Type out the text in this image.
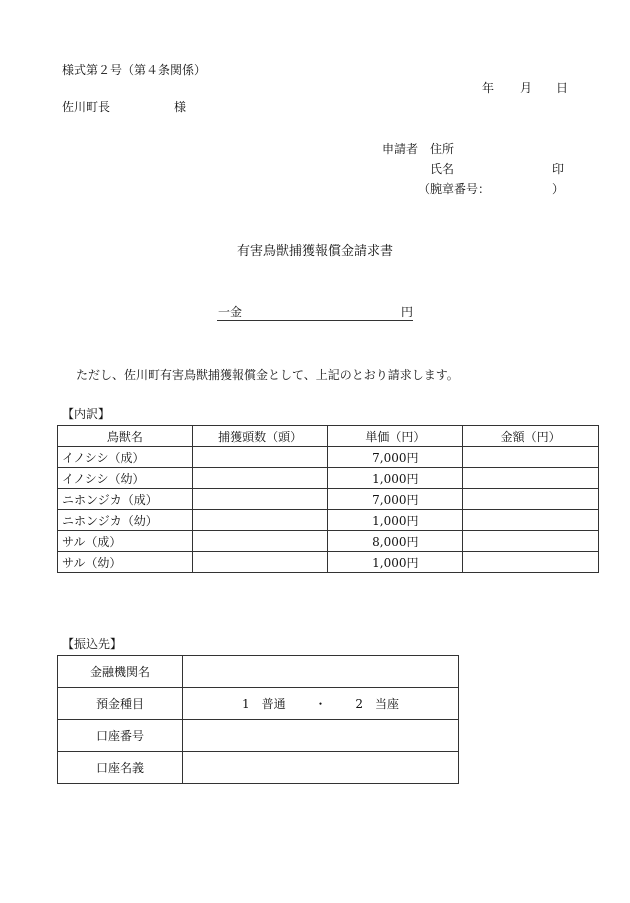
様式第２号（第４条関係）
年 月 日
佐川町長	様
申請者 住所
氏名	印
（腕章番号：	）
有害鳥獣捕獲報償金請求書
一金	円
ただし、佐川町有害鳥獣捕獲報償金として、上記のとおり請求します。
【内訳】
鳥獣名	捕獲頭数（頭）	単価（円）	金額（円）
イノシシ（成）		7,000円	
イノシシ（幼）		1,000円	
ニホンジカ（成）		7,000円	
ニホンジカ（幼）		1,000円	
サル（成）		8,000円	
サル（幼）		1,000円	
【振込先】
金融機関名	
預金種目	1　普通 ・ 2　当座
口座番号	
口座名義	
